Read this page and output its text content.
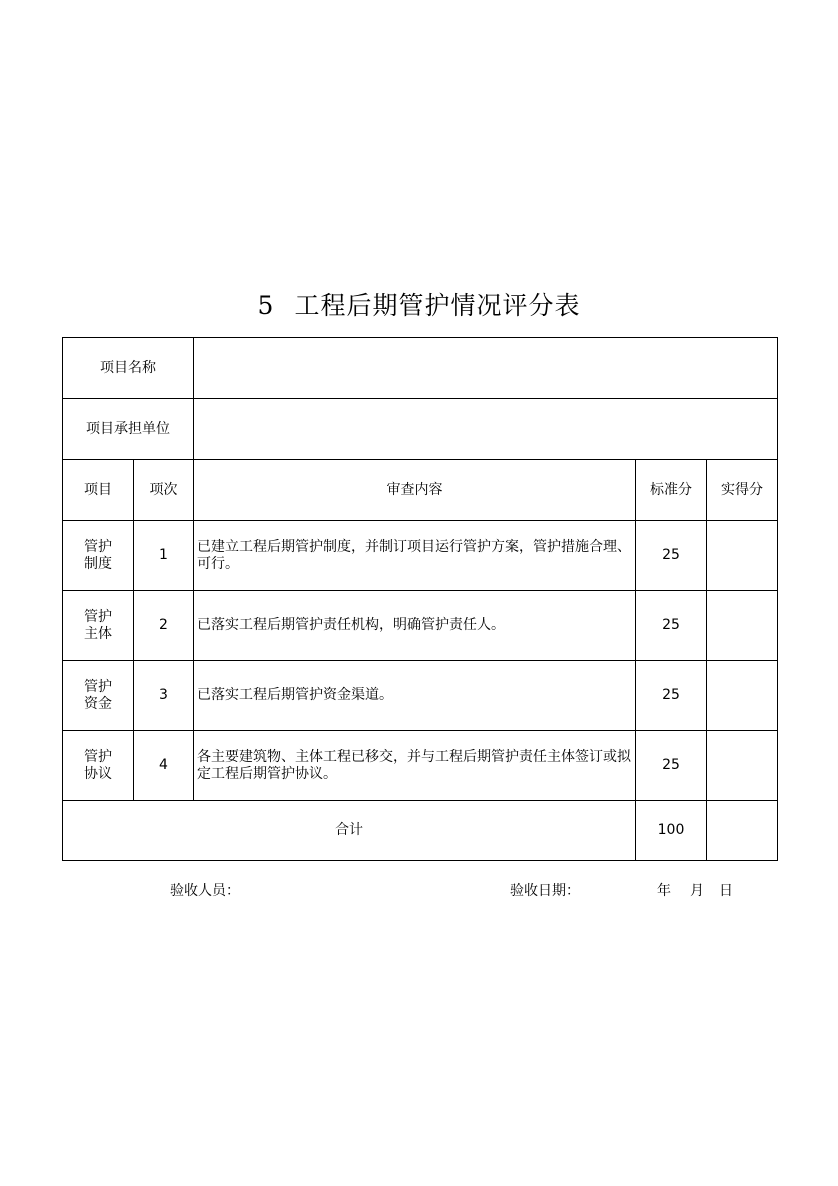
5 工程后期管护情况评分表
项目名称				
项目承担单位				
项目	项次	审查内容	标准分	实得分
管护
制度	1	已建立工程后期管护制度，并制订项目运行管护方案，管护措施合理、可行。	25	
管护
主体	2	已落实工程后期管护责任机构，明确管护责任人。	25	
管护
资金	3	已落实工程后期管护资金渠道。	25	
管护
协议	4	各主要建筑物、主体工程已移交，并与工程后期管护责任主体签订或拟定工程后期管护协议。	25	
合计			100	
验收人员：	验收日期：	年 月 日
